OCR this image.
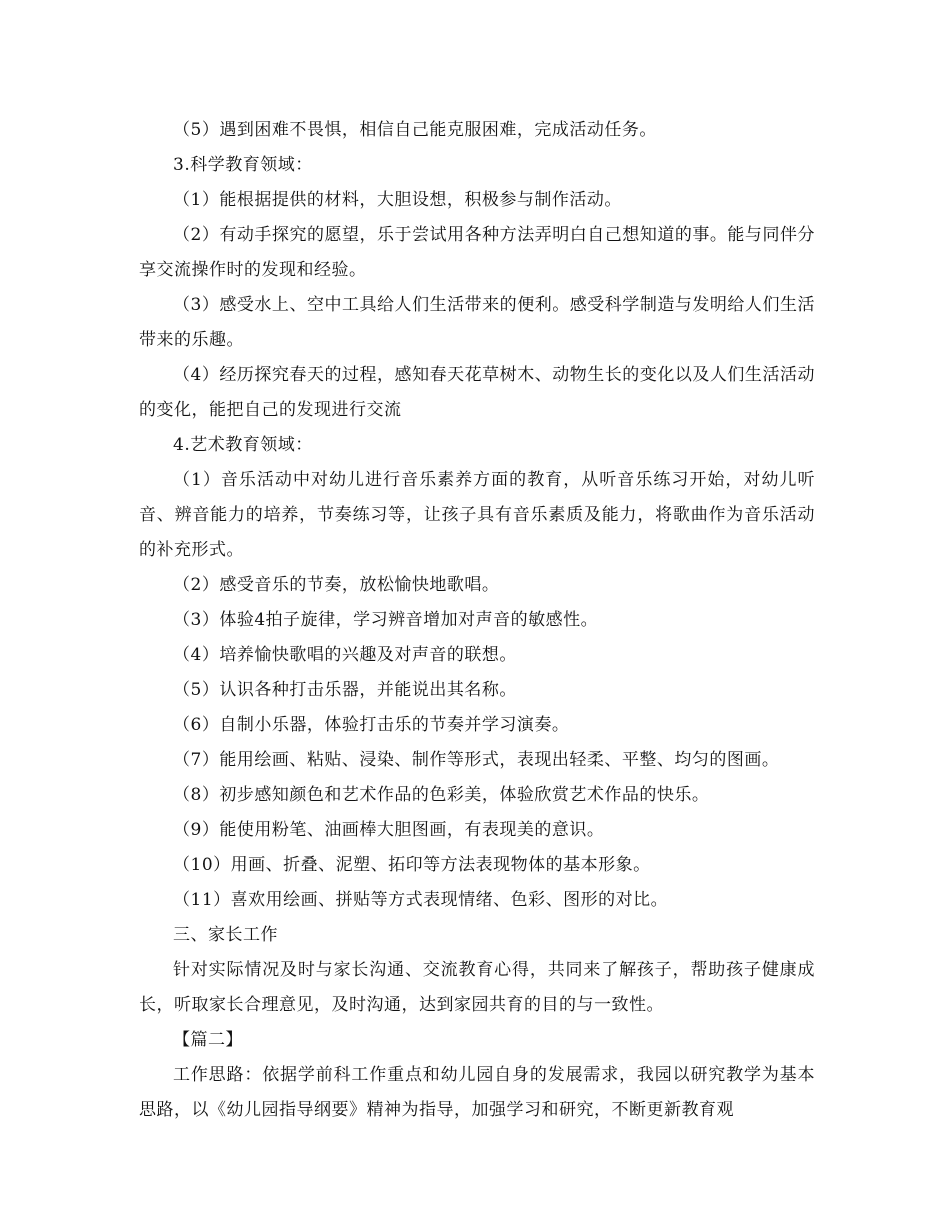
（5）遇到困难不畏惧，相信自己能克服困难，完成活动任务。

3.科学教育领域：

（1）能根据提供的材料，大胆设想，积极参与制作活动。

（2）有动手探究的愿望，乐于尝试用各种方法弄明白自己想知道的事。能与同伴分享交流操作时的发现和经验。

（3）感受水上、空中工具给人们生活带来的便利。感受科学制造与发明给人们生活带来的乐趣。

（4）经历探究春天的过程，感知春天花草树木、动物生长的变化以及人们生活活动的变化，能把自己的发现进行交流

4.艺术教育领域：

（1）音乐活动中对幼儿进行音乐素养方面的教育，从听音乐练习开始，对幼儿听音、辨音能力的培养，节奏练习等，让孩子具有音乐素质及能力，将歌曲作为音乐活动的补充形式。

（2）感受音乐的节奏，放松愉快地歌唱。

（3）体验4拍子旋律，学习辨音增加对声音的敏感性。

（4）培养愉快歌唱的兴趣及对声音的联想。

（5）认识各种打击乐器，并能说出其名称。

（6）自制小乐器，体验打击乐的节奏并学习演奏。

（7）能用绘画、粘贴、浸染、制作等形式，表现出轻柔、平整、均匀的图画。

（8）初步感知颜色和艺术作品的色彩美，体验欣赏艺术作品的快乐。

（9）能使用粉笔、油画棒大胆图画，有表现美的意识。

（10）用画、折叠、泥塑、拓印等方法表现物体的基本形象。

（11）喜欢用绘画、拼贴等方式表现情绪、色彩、图形的对比。

三、家长工作

针对实际情况及时与家长沟通、交流教育心得，共同来了解孩子，帮助孩子健康成长，听取家长合理意见，及时沟通，达到家园共育的目的与一致性。

【篇二】

工作思路：依据学前科工作重点和幼儿园自身的发展需求，我园以研究教学为基本思路，以《幼儿园指导纲要》精神为指导，加强学习和研究，不断更新教育观
